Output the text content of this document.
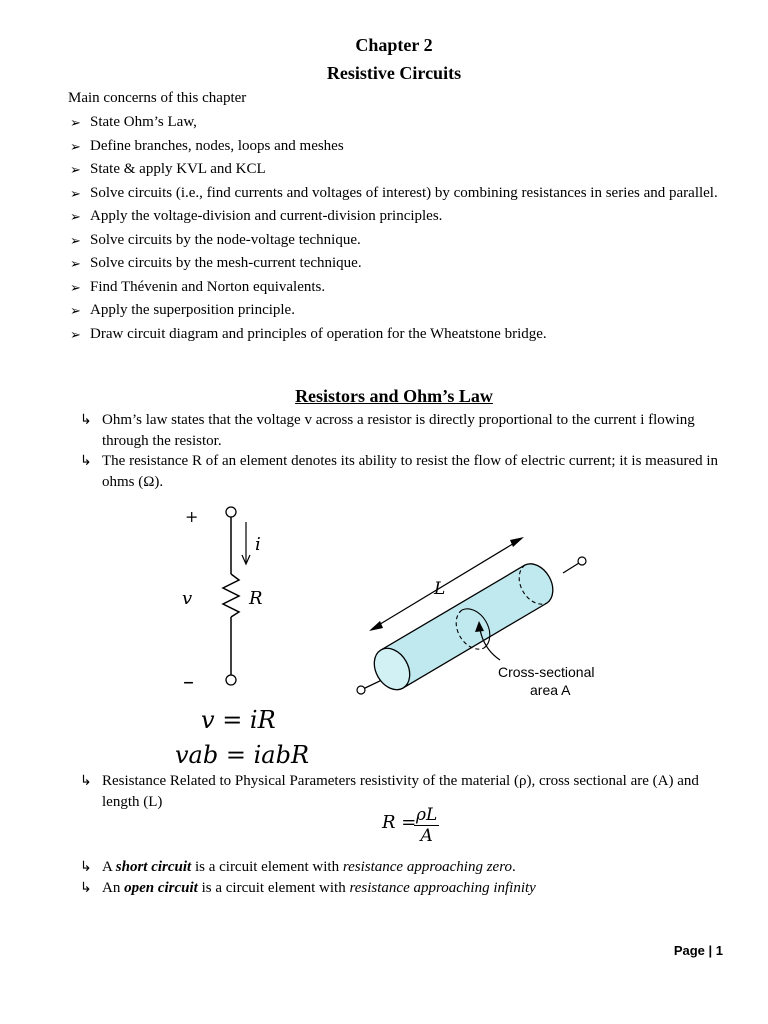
Chapter 2
Resistive Circuits
Main concerns of this chapter
➢ State Ohm’s Law,
➢ Define branches, nodes, loops and meshes
➢ State & apply KVL and KCL
➢ Solve circuits (i.e., find currents and voltages of interest) by combining resistances in series and parallel.
➢ Apply the voltage-division and current-division principles.
➢ Solve circuits by the node-voltage technique.
➢ Solve circuits by the mesh-current technique.
➢ Find Thévenin and Norton equivalents.
➢ Apply the superposition principle.
➢ Draw circuit diagram and principles of operation for the Wheatstone bridge.
Resistors and Ohm’s Law
↳ Ohm’s law states that the voltage v across a resistor is directly proportional to the current i flowing through the resistor.
↳ The resistance R of an element denotes its ability to resist the flow of electric current; it is measured in ohms (Ω).
+
–
v
i
R	L
Cross-sectional
area A
v = iR
vab = iabR
↳ Resistance Related to Physical Parameters resistivity of the material (ρ), cross sectional are (A) and length (L)
R =
$\frac{\rho L}{A}$
↳ A short circuit is a circuit element with resistance approaching zero.
↳ An open circuit is a circuit element with resistance approaching infinity
Page | 1
